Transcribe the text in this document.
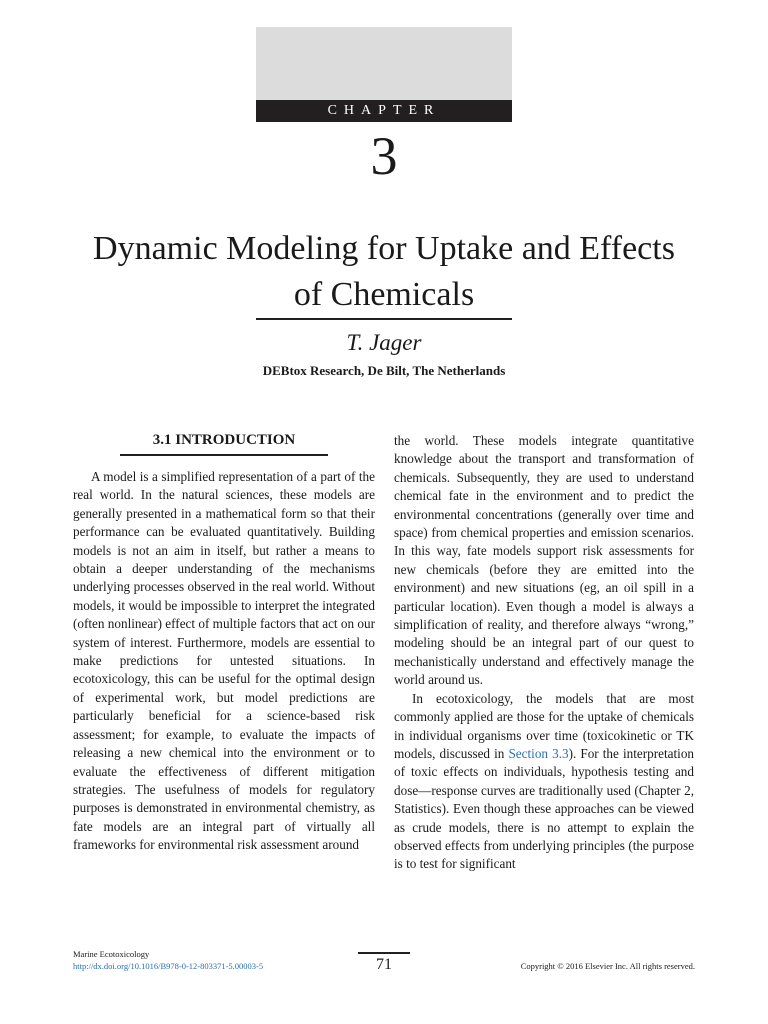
CHAPTER
3
Dynamic Modeling for Uptake and Effects
of Chemicals
T. Jager
DEBtox Research, De Bilt, The Netherlands
3.1 INTRODUCTION

A model is a simplified representation of a part of the real world. In the natural sciences, these models are generally presented in a mathematical form so that their performance can be evaluated quantitatively. Building models is not an aim in itself, but rather a means to obtain a deeper understanding of the mechanisms underlying processes observed in the real world. Without models, it would be impossible to interpret the integrated (often nonlinear) effect of multiple factors that act on our system of interest. Furthermore, models are essential to make predictions for untested situations. In ecotoxicology, this can be useful for the optimal design of experimental work, but model predictions are particularly beneficial for a science-based risk assessment; for example, to evaluate the impacts of releasing a new chemical into the environment or to evaluate the effectiveness of different mitigation strategies. The usefulness of models for regulatory purposes is demonstrated in environmental chemistry, as fate models are an integral part of virtually all frameworks for environmental risk assessment around

the world. These models integrate quantitative knowledge about the transport and transformation of chemicals. Subsequently, they are used to understand chemical fate in the environment and to predict the environmental concentrations (generally over time and space) from chemical properties and emission scenarios. In this way, fate models support risk assessments for new chemicals (before they are emitted into the environment) and new situations (eg, an oil spill in a particular location). Even though a model is always a simplification of reality, and therefore always “wrong,” modeling should be an integral part of our quest to mechanistically understand and effectively manage the world around us.

In ecotoxicology, the models that are most commonly applied are those for the uptake of chemicals in individual organisms over time (toxicokinetic or TK models, discussed in Section 3.3). For the interpretation of toxic effects on individuals, hypothesis testing and dose—response curves are traditionally used (Chapter 2, Statistics). Even though these approaches can be viewed as crude models, there is no attempt to explain the observed effects from underlying principles (the purpose is to test for significant

Marine Ecotoxicology
http://dx.doi.org/10.1016/B978-0-12-803371-5.00003-5	71	Copyright © 2016 Elsevier Inc. All rights reserved.
